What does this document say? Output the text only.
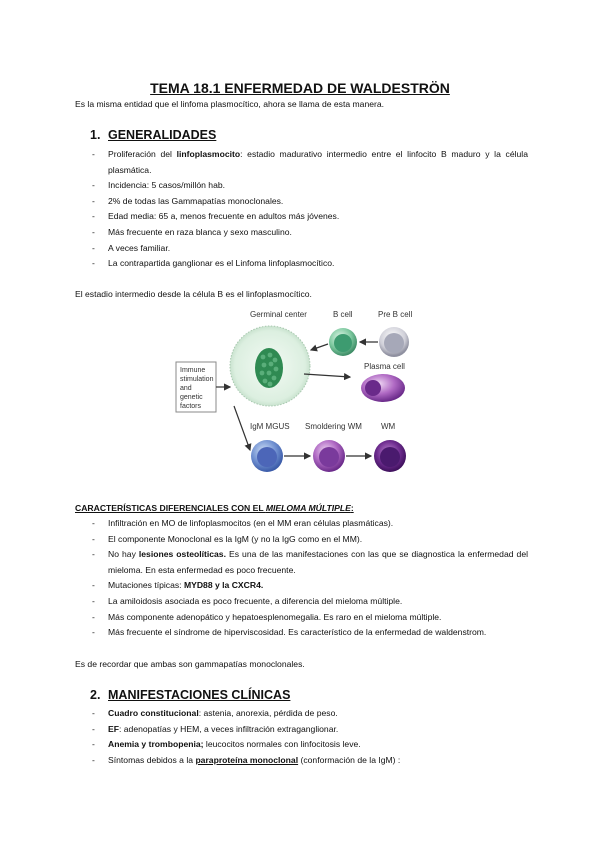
TEMA 18.1 ENFERMEDAD DE WALDESTRÖN

Es la misma entidad que el linfoma plasmocítico, ahora se llama de esta manera.

1. GENERALIDADES
- Proliferación del linfoplasmocito: estadio madurativo intermedio entre el linfocito B maduro y la célula plasmática.
- Incidencia: 5 casos/millón hab.
- 2% de todas las Gammapatías monoclonales.
- Edad media: 65 a, menos frecuente en adultos más jóvenes.
- Más frecuente en raza blanca y sexo masculino.
- A veces familiar.
- La contrapartida ganglionar es el Linfoma linfoplasmocítico.

El estadio intermedio desde la célula B es el linfoplasmocítico.

Germinal center	B cell	Pre B cell
Plasma cell
Immune
stimulation
and
genetic
factors
IgM MGUS Smoldering WM WM

CARACTERÍSTICAS DIFERENCIALES CON EL MIELOMA MÚLTIPLE:

- Infiltración en MO de linfoplasmocitos (en el MM eran células plasmáticas).
- El componente Monoclonal es la IgM (y no la IgG como en el MM).
- No hay lesiones osteolíticas. Es una de las manifestaciones con las que se diagnostica la enfermedad del mieloma. En esta enfermedad es poco frecuente.
- Mutaciones típicas: MYD88 y la CXCR4.
- La amiloidosis asociada es poco frecuente, a diferencia del mieloma múltiple.
- Más componente adenopático y hepatoesplenomegalia. Es raro en el mieloma múltiple.
- Más frecuente el síndrome de hiperviscosidad. Es característico de la enfermedad de waldenstrom.

Es de recordar que ambas son gammapatías monoclonales.

2. MANIFESTACIONES CLÍNICAS
- Cuadro constitucional: astenia, anorexia, pérdida de peso.
- EF: adenopatías y HEM, a veces infiltración extraganglionar.
- Anemia y trombopenia; leucocitos normales con linfocitosis leve.
- Síntomas debidos a la paraproteína monoclonal (conformación de la IgM) :
